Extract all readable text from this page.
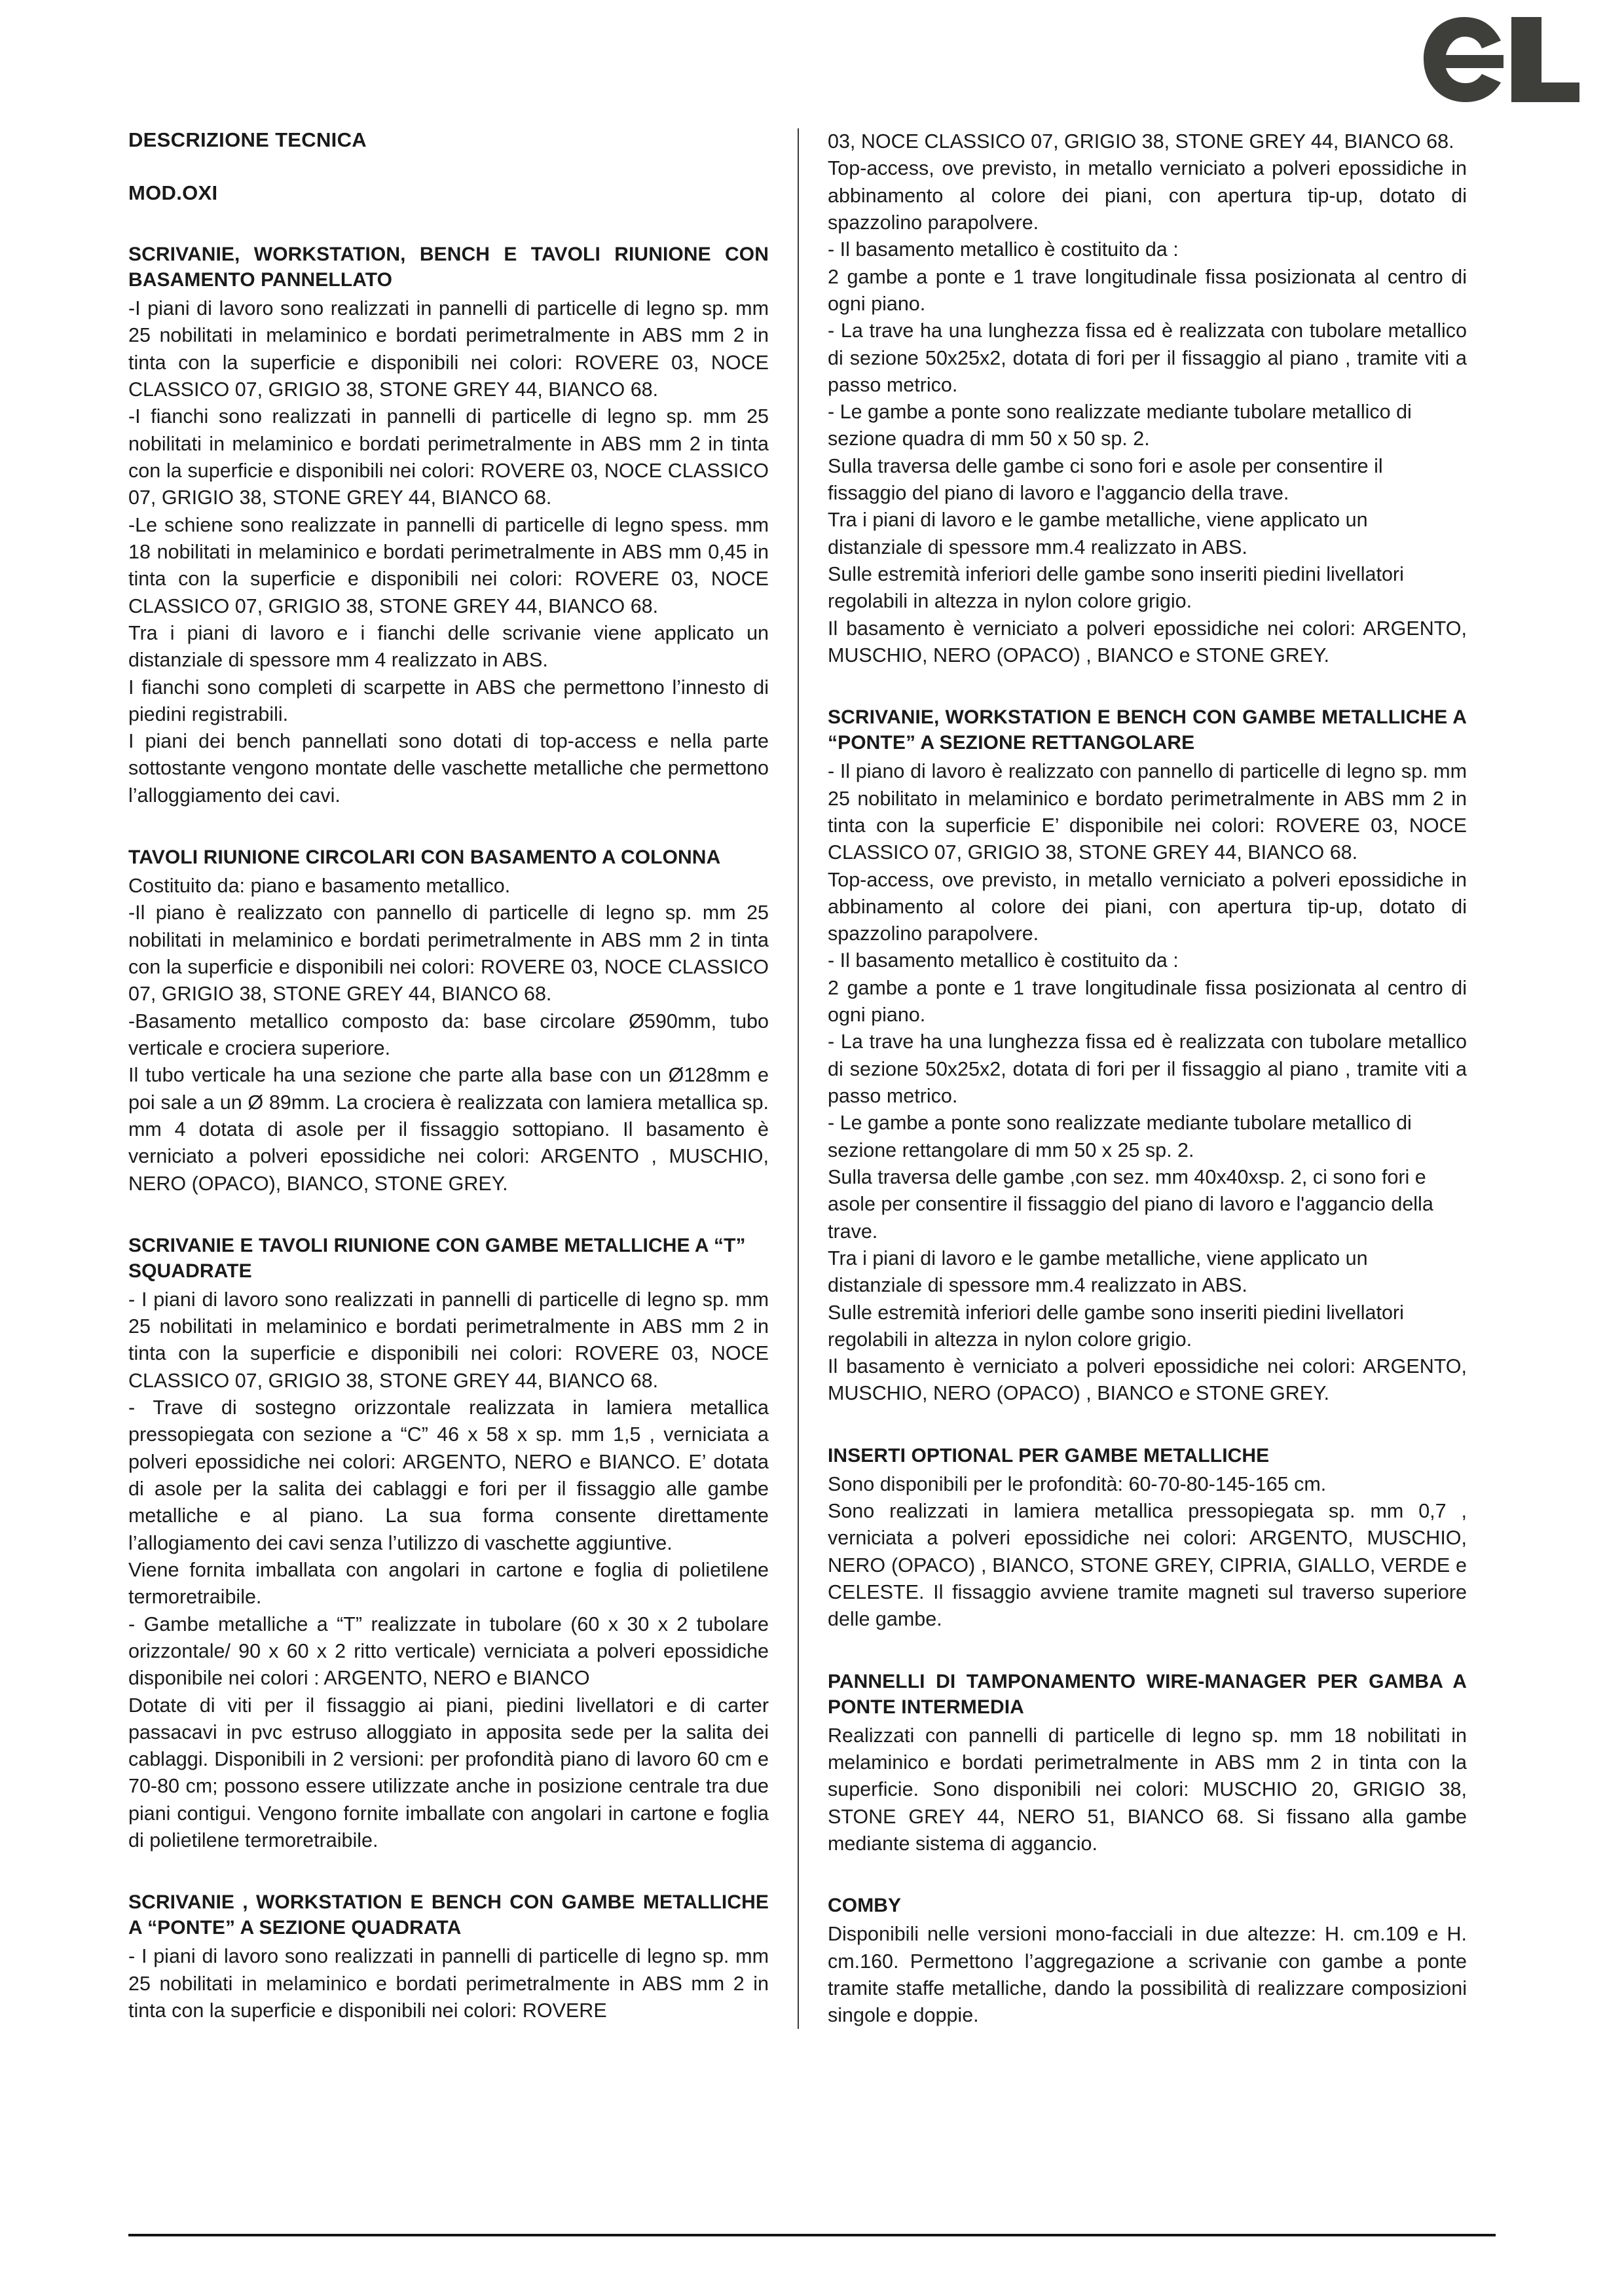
DESCRIZIONE TECNICA
MOD.OXI
SCRIVANIE, WORKSTATION, BENCH E TAVOLI RIUNIONE CON BASAMENTO PANNELLATO

-I piani di lavoro sono realizzati in pannelli di particelle di legno sp. mm 25 nobilitati in melaminico e bordati perimetralmente in ABS mm 2 in tinta con la superficie e disponibili nei colori: ROVERE 03, NOCE CLASSICO 07, GRIGIO 38, STONE GREY 44, BIANCO 68.

-I fianchi sono realizzati in pannelli di particelle di legno sp. mm 25 nobilitati in melaminico e bordati perimetralmente in ABS mm 2 in tinta con la superficie e disponibili nei colori: ROVERE 03, NOCE CLASSICO 07, GRIGIO 38, STONE GREY 44, BIANCO 68.

-Le schiene sono realizzate in pannelli di particelle di legno spess. mm 18 nobilitati in melaminico e bordati perimetralmente in ABS mm 0,45 in tinta con la superficie e disponibili nei colori: ROVERE 03, NOCE CLASSICO 07, GRIGIO 38, STONE GREY 44, BIANCO 68.

Tra i piani di lavoro e i fianchi delle scrivanie viene applicato un distanziale di spessore mm 4 realizzato in ABS.

I fianchi sono completi di scarpette in ABS che permettono l’innesto di piedini registrabili.

I piani dei bench pannellati sono dotati di top-access e nella parte sottostante vengono montate delle vaschette metalliche che permettono l’alloggiamento dei cavi.

TAVOLI RIUNIONE CIRCOLARI CON BASAMENTO A COLONNA

Costituito da: piano e basamento metallico.

-Il piano è realizzato con pannello di particelle di legno sp. mm 25 nobilitati in melaminico e bordati perimetralmente in ABS mm 2 in tinta con la superficie e disponibili nei colori: ROVERE 03, NOCE CLASSICO 07, GRIGIO 38, STONE GREY 44, BIANCO 68.

-Basamento metallico composto da: base circolare Ø590mm, tubo verticale e crociera superiore.

Il tubo verticale ha una sezione che parte alla base con un Ø128mm e poi sale a un Ø 89mm. La crociera è realizzata con lamiera metallica sp. mm 4 dotata di asole per il fissaggio sottopiano. Il basamento è verniciato a polveri epossidiche nei colori: ARGENTO , MUSCHIO, NERO (OPACO), BIANCO, STONE GREY.

SCRIVANIE E TAVOLI RIUNIONE CON GAMBE METALLICHE A “T” SQUADRATE

- I piani di lavoro sono realizzati in pannelli di particelle di legno sp. mm 25 nobilitati in melaminico e bordati perimetralmente in ABS mm 2 in tinta con la superficie e disponibili nei colori: ROVERE 03, NOCE CLASSICO 07, GRIGIO 38, STONE GREY 44, BIANCO 68.

- Trave di sostegno orizzontale realizzata in lamiera metallica pressopiegata con sezione a “C” 46 x 58 x sp. mm 1,5 , verniciata a polveri epossidiche nei colori: ARGENTO, NERO e BIANCO. E’ dotata di asole per la salita dei cablaggi e fori per il fissaggio alle gambe metalliche e al piano. La sua forma consente direttamente l’allogiamento dei cavi senza l’utilizzo di vaschette aggiuntive.

Viene fornita imballata con angolari in cartone e foglia di polietilene termoretraibile.

- Gambe metalliche a “T” realizzate in tubolare (60 x 30 x 2 tubolare orizzontale/ 90 x 60 x 2 ritto verticale) verniciata a polveri epossidiche disponibile nei colori : ARGENTO, NERO e BIANCO

Dotate di viti per il fissaggio ai piani, piedini livellatori e di carter passacavi in pvc estruso alloggiato in apposita sede per la salita dei cablaggi. Disponibili in 2 versioni: per profondità piano di lavoro 60 cm e 70-80 cm; possono essere utilizzate anche in posizione centrale tra due piani contigui. Vengono fornite imballate con angolari in cartone e foglia di polietilene termoretraibile.

SCRIVANIE , WORKSTATION E BENCH CON GAMBE METALLICHE A “PONTE” A SEZIONE QUADRATA

- I piani di lavoro sono realizzati in pannelli di particelle di legno sp. mm 25 nobilitati in melaminico e bordati perimetralmente in ABS mm 2 in tinta con la superficie e disponibili nei colori: ROVERE

03, NOCE CLASSICO 07, GRIGIO 38, STONE GREY 44, BIANCO 68.

Top-access, ove previsto, in metallo verniciato a polveri epossidiche in abbinamento al colore dei piani, con apertura tip-up, dotato di spazzolino parapolvere.

- Il basamento metallico è costituito da :

2 gambe a ponte e 1 trave longitudinale fissa posizionata al centro di ogni piano.

- La trave ha una lunghezza fissa ed è realizzata con tubolare metallico di sezione 50x25x2, dotata di fori per il fissaggio al piano , tramite viti a passo metrico.

- Le gambe a ponte sono realizzate mediante tubolare metallico di sezione quadra di mm 50 x 50 sp. 2.

Sulla traversa delle gambe ci sono fori e asole per consentire il fissaggio del piano di lavoro e l'aggancio della trave.

Tra i piani di lavoro e le gambe metalliche, viene applicato un distanziale di spessore mm.4 realizzato in ABS.

Sulle estremità inferiori delle gambe sono inseriti piedini livellatori regolabili in altezza in nylon colore grigio.

Il basamento è verniciato a polveri epossidiche nei colori: ARGENTO, MUSCHIO, NERO (OPACO) , BIANCO e STONE GREY.

SCRIVANIE, WORKSTATION E BENCH CON GAMBE METALLICHE A “PONTE” A SEZIONE RETTANGOLARE

- Il piano di lavoro è realizzato con pannello di particelle di legno sp. mm 25 nobilitato in melaminico e bordato perimetralmente in ABS mm 2 in tinta con la superficie E’ disponibile nei colori: ROVERE 03, NOCE CLASSICO 07, GRIGIO 38, STONE GREY 44, BIANCO 68.

Top-access, ove previsto, in metallo verniciato a polveri epossidiche in abbinamento al colore dei piani, con apertura tip-up, dotato di spazzolino parapolvere.

- Il basamento metallico è costituito da :

2 gambe a ponte e 1 trave longitudinale fissa posizionata al centro di ogni piano.

- La trave ha una lunghezza fissa ed è realizzata con tubolare metallico di sezione 50x25x2, dotata di fori per il fissaggio al piano , tramite viti a passo metrico.

- Le gambe a ponte sono realizzate mediante tubolare metallico di sezione rettangolare di mm 50 x 25 sp. 2.

Sulla traversa delle gambe ,con sez. mm 40x40xsp. 2, ci sono fori e asole per consentire il fissaggio del piano di lavoro e l'aggancio della trave.

Tra i piani di lavoro e le gambe metalliche, viene applicato un distanziale di spessore mm.4 realizzato in ABS.

Sulle estremità inferiori delle gambe sono inseriti piedini livellatori regolabili in altezza in nylon colore grigio.

Il basamento è verniciato a polveri epossidiche nei colori: ARGENTO, MUSCHIO, NERO (OPACO) , BIANCO e STONE GREY.

INSERTI OPTIONAL PER GAMBE METALLICHE

Sono disponibili per le profondità: 60-70-80-145-165 cm.

Sono realizzati in lamiera metallica pressopiegata sp. mm 0,7 , verniciata a polveri epossidiche nei colori: ARGENTO, MUSCHIO, NERO (OPACO) , BIANCO, STONE GREY, CIPRIA, GIALLO, VERDE e CELESTE. Il fissaggio avviene tramite magneti sul traverso superiore delle gambe.

PANNELLI DI TAMPONAMENTO WIRE-MANAGER PER GAMBA A PONTE INTERMEDIA

Realizzati con pannelli di particelle di legno sp. mm 18 nobilitati in melaminico e bordati perimetralmente in ABS mm 2 in tinta con la superficie. Sono disponibili nei colori: MUSCHIO 20, GRIGIO 38, STONE GREY 44, NERO 51, BIANCO 68. Si fissano alla gambe mediante sistema di aggancio.

COMBY

Disponibili nelle versioni mono-facciali in due altezze: H. cm.109 e H. cm.160. Permettono l’aggregazione a scrivanie con gambe a ponte tramite staffe metalliche, dando la possibilità di realizzare composizioni singole e doppie.
